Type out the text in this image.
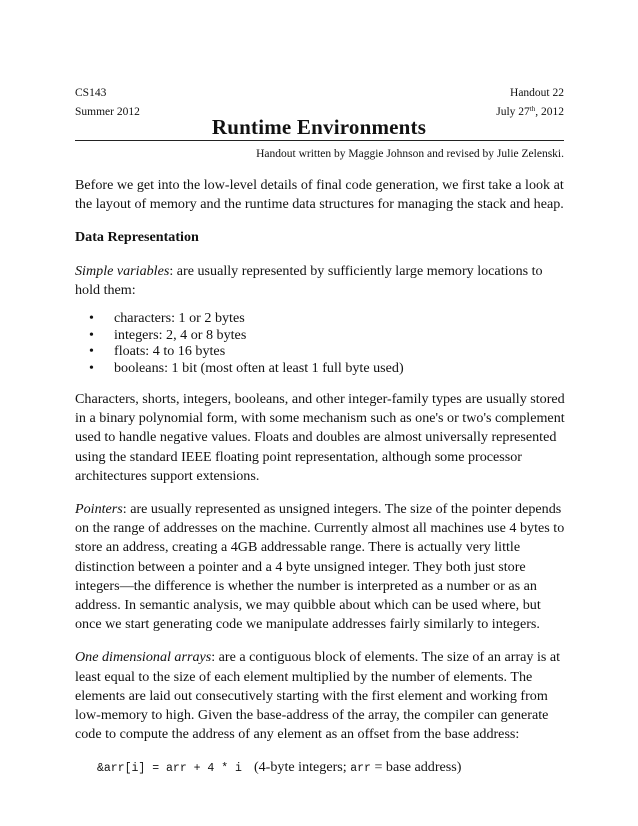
CS143	Handout 22
Summer 2012	July 27th, 2012
Runtime Environments
Handout written by Maggie Johnson and revised by Julie Zelenski.

Before we get into the low-level details of final code generation, we first take a look at the layout of memory and the runtime data structures for managing the stack and heap.

Data Representation

Simple variables: are usually represented by sufficiently large memory locations to hold them:

• characters: 1 or 2 bytes
• integers: 2, 4 or 8 bytes
• floats: 4 to 16 bytes
• booleans: 1 bit (most often at least 1 full byte used)

Characters, shorts, integers, booleans, and other integer-family types are usually stored in a binary polynomial form, with some mechanism such as one's or two's complement used to handle negative values. Floats and doubles are almost universally represented using the standard IEEE floating point representation, although some processor architectures support extensions.

Pointers: are usually represented as unsigned integers. The size of the pointer depends on the range of addresses on the machine. Currently almost all machines use 4 bytes to store an address, creating a 4GB addressable range. There is actually very little distinction between a pointer and a 4 byte unsigned integer. They both just store integers—the difference is whether the number is interpreted as a number or as an address. In semantic analysis, we may quibble about which can be used where, but once we start generating code we manipulate addresses fairly similarly to integers.

One dimensional arrays: are a contiguous block of elements. The size of an array is at least equal to the size of each element multiplied by the number of elements. The elements are laid out consecutively starting with the first element and working from low-memory to high. Given the base-address of the array, the compiler can generate code to compute the address of any element as an offset from the base address:

&arr[i] = arr + 4 * i (4-byte integers; arr = base address)
